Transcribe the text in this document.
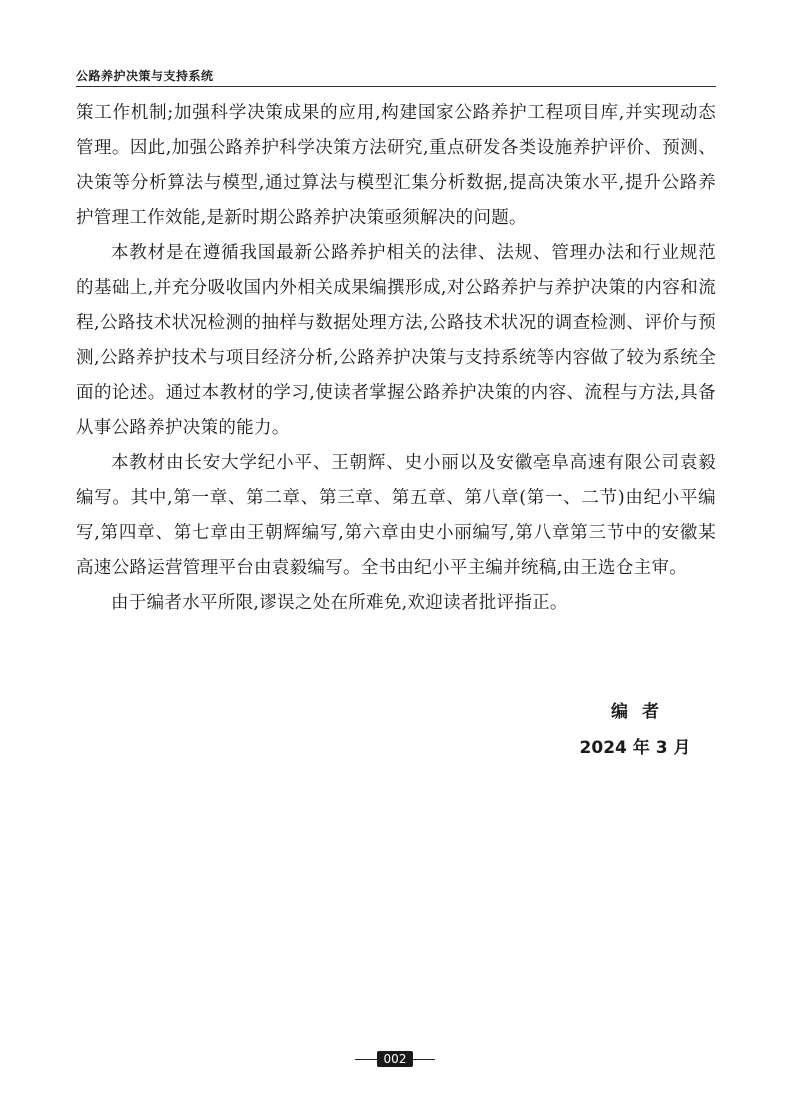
公路养护决策与支持系统

策工作机制;加强科学决策成果的应用,构建国家公路养护工程项目库,并实现动态管理。因此,加强公路养护科学决策方法研究,重点研发各类设施养护评价、预测、决策等分析算法与模型,通过算法与模型汇集分析数据,提高决策水平,提升公路养护管理工作效能,是新时期公路养护决策亟须解决的问题。

本教材是在遵循我国最新公路养护相关的法律、法规、管理办法和行业规范的基础上,并充分吸收国内外相关成果编撰形成,对公路养护与养护决策的内容和流程,公路技术状况检测的抽样与数据处理方法,公路技术状况的调查检测、评价与预测,公路养护技术与项目经济分析,公路养护决策与支持系统等内容做了较为系统全面的论述。通过本教材的学习,使读者掌握公路养护决策的内容、流程与方法,具备从事公路养护决策的能力。

本教材由长安大学纪小平、王朝辉、史小丽以及安徽亳阜高速有限公司袁毅编写。其中,第一章、第二章、第三章、第五章、第八章(第一、二节)由纪小平编写,第四章、第七章由王朝辉编写,第六章由史小丽编写,第八章第三节中的安徽某高速公路运营管理平台由袁毅编写。全书由纪小平主编并统稿,由王选仓主审。

由于编者水平所限,谬误之处在所难免,欢迎读者批评指正。

编者
2024 年 3 月
002
